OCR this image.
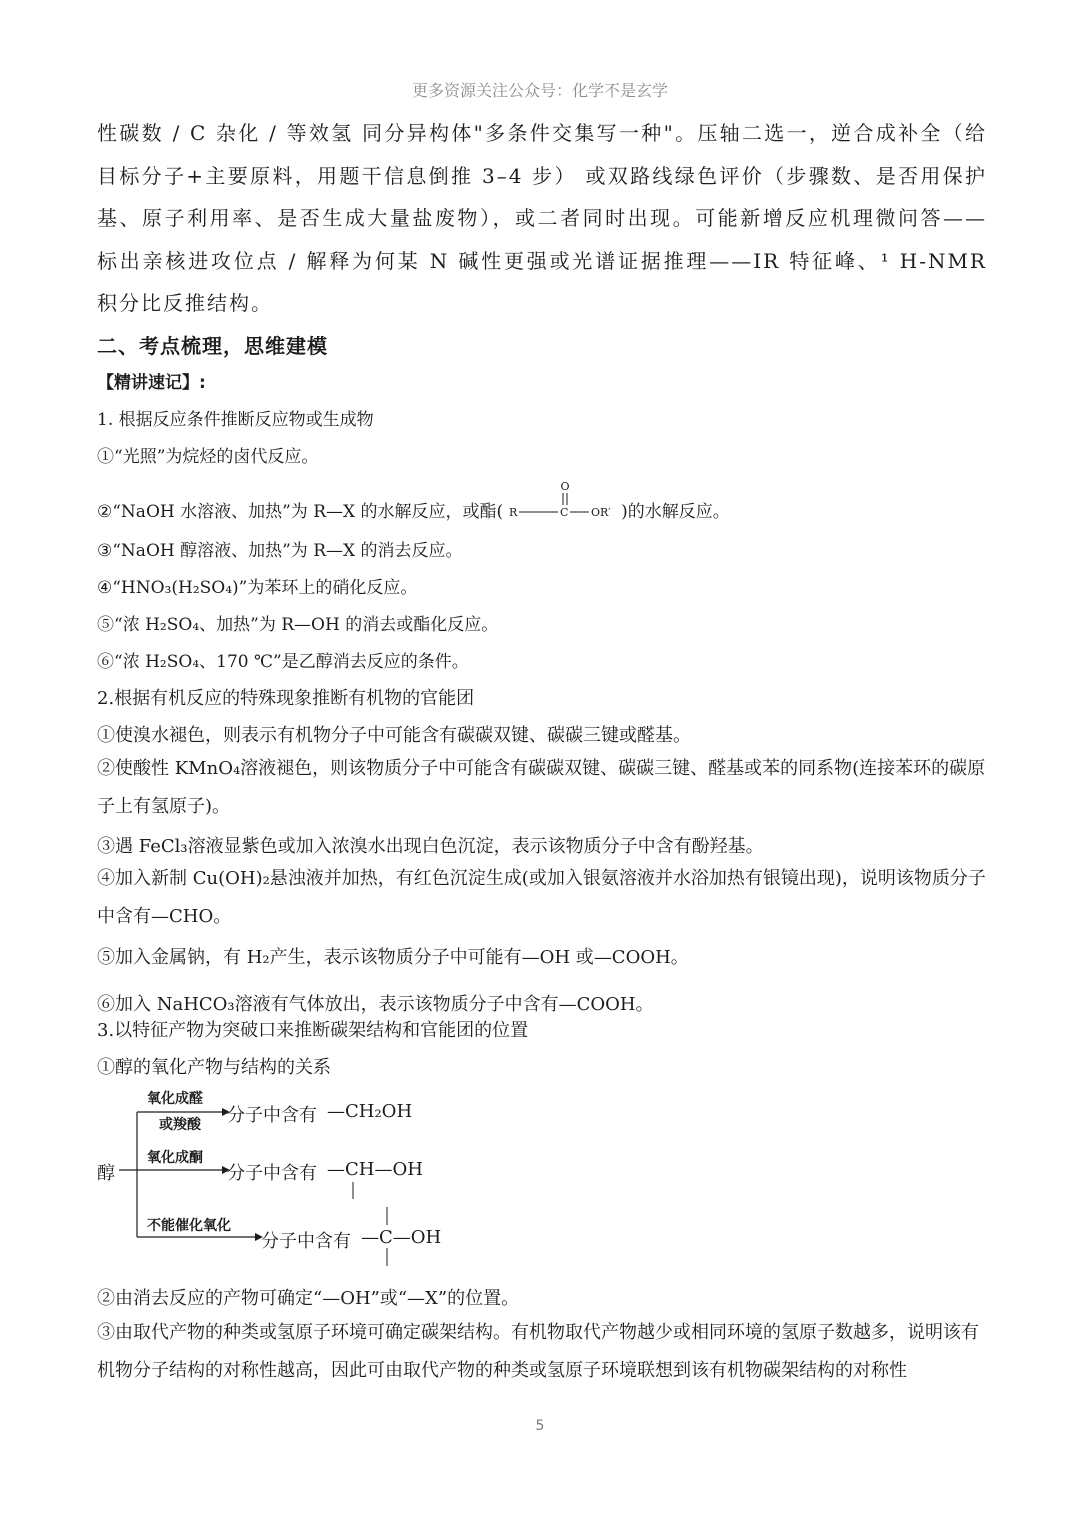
更多资源关注公众号：化学不是玄学
性碳数 / C 杂化 / 等效氢 同分异构体"多条件交集写一种"。压轴二选一，逆合成补全（给目标分子+主要原料，用题干信息倒推 3–4 步） 或双路线绿色评价（步骤数、是否用保护基、原子利用率、是否生成大量盐废物），或二者同时出现。可能新增反应机理微问答——标出亲核进攻位点 / 解释为何某 N 碱性更强或光谱证据推理——IR 特征峰、¹ H-NMR 积分比反推结构。
二、考点梳理，思维建模
【精讲速记】:
1. 根据反应条件推断反应物或生成物
①“光照”为烷烃的卤代反应。
②“NaOH 水溶液、加热”为 R—X 的水解反应，或酯(
O
R	C OR′ )的水解反应。
③“NaOH 醇溶液、加热”为 R—X 的消去反应。
④“HNO₃(H₂SO₄)”为苯环上的硝化反应。
⑤“浓 H₂SO₄、加热”为 R—OH 的消去或酯化反应。
⑥“浓 H₂SO₄、170 ℃”是乙醇消去反应的条件。
2.根据有机反应的特殊现象推断有机物的官能团
①使溴水褪色，则表示有机物分子中可能含有碳碳双键、碳碳三键或醛基。
②使酸性 KMnO₄溶液褪色，则该物质分子中可能含有碳碳双键、碳碳三键、醛基或苯的同系物(连接苯环的碳原子上有氢原子)。
③遇 FeCl₃溶液显紫色或加入浓溴水出现白色沉淀，表示该物质分子中含有酚羟基。
④加入新制 Cu(OH)₂悬浊液并加热，有红色沉淀生成(或加入银氨溶液并水浴加热有银镜出现)，说明该物质分子中含有—CHO。
⑤加入金属钠，有 H₂产生，表示该物质分子中可能有—OH 或—COOH。
⑥加入 NaHCO₃溶液有气体放出，表示该物质分子中含有—COOH。
3.以特征产物为突破口来推断碳架结构和官能团的位置
①醇的氧化产物与结构的关系
醇
氧化成醛
或羧酸 分子中含有 —CH₂OH
氧化成酮
分子中含有 —CH—OH
不能催化氧化
分子中含有 —C—OH
②由消去反应的产物可确定“—OH”或“—X”的位置。
③由取代产物的种类或氢原子环境可确定碳架结构。有机物取代产物越少或相同环境的氢原子数越多，说明该有机物分子结构的对称性越高，因此可由取代产物的种类或氢原子环境联想到该有机物碳架结构的对称性
5
